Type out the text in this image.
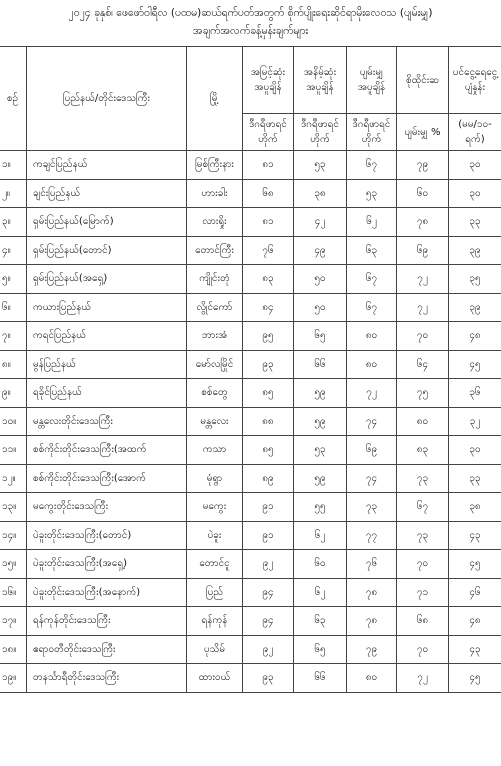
၂၀၂၄ ခုနှစ်၊ ဖေဖော်ဝါရီလ (ပထမ)ဆယ်ရက်ပတ်အတွက် စိုက်ပျိုးရေးဆိုင်ရာမိုးလေဝသ (ပျမ်းမျှ)
အချက်အလက်ခန့်မှန်းချက်များ
စဉ်	ပြည်နယ်/တိုင်းဒေသကြီး	မြို့	အမြင့်ဆုံး အပူချိန်	အနိမ့်ဆုံး အပူချိန်	ပျမ်းမျှ အပူချိန်	စိုထိုင်းဆ	ပင်ငွေ့ရေငွေ့ ပျံနှုန်း
			ဒီဂရီဖာရင် ဟိုက်	ဒီဂရီဖာရင် ဟိုက်	ဒီဂရီဖာရင် ဟိုက်	ပျမ်းမျှ %	(မမ/၁၀-ရက်)
၁။	ကချင်ပြည်နယ်	မြစ်ကြီးနား	၈၁	၅၃	၆၇	၇၉	၃၀
၂။	ချင်းပြည်နယ်	ဟားခါး	၆၈	၃၈	၅၃	၆၀	၃၀
၃။	ရှမ်းပြည်နယ်(မြောက်)	လားရှိုး	၈၁	၄၂	၆၂	၇၈	၃၃
၄။	ရှမ်းပြည်နယ်(တောင်)	တောင်ကြီး	၇၆	၄၉	၆၃	၆၉	၃၉
၅။	ရှမ်းပြည်နယ်(အရှေ့)	ကျိုင်းတုံ	၈၃	၅၀	၆၇	၇၂	၃၅
၆။	ကယားပြည်နယ်	လွိုင်ကော်	၈၄	၅၀	၆၇	၇၂	၃၉
၇။	ကရင်ပြည်နယ်	ဘားအံ	၉၅	၆၅	၈၀	၇၀	၄၈
၈။	မွန်ပြည်နယ်	မော်လမြိုင်	၉၃	၆၆	၈၀	၆၄	၄၅
၉။	ရခိုင်ပြည်နယ်	စစ်တွေ	၈၅	၅၉	၇၂	၇၅	၃၆
၁၀။	မန္တလေးတိုင်းဒေသကြီး	မန္တလေး	၈၈	၅၉	၇၄	၈၀	၃၂
၁၁။	စစ်ကိုင်းတိုင်းဒေသကြီး(အထက်	ကသာ	၈၅	၅၃	၆၉	၈၃	၃၀
၁၂။	စစ်ကိုင်းတိုင်းဒေသကြီး(အောက်	မုံရွာ	၈၉	၅၉	၇၄	၇၃	၃၃
၁၃။	မကွေးတိုင်းဒေသကြီး	မကွေး	၉၁	၅၅	၇၃	၆၇	၃၈
၁၄။	ပဲခူးတိုင်းဒေသကြီး(တောင်)	ပဲခူး	၉၁	၆၂	၇၇	၇၃	၄၃
၁၅။	ပဲခူးတိုင်းဒေသကြီး(အရှေ့)	တောင်ငူ	၉၂	၆၀	၇၆	၇၀	၄၅
၁၆။	ပဲခူးတိုင်းဒေသကြီး(အနောက်)	ပြည်	၉၄	၆၂	၇၈	၇၁	၄၆
၁၇။	ရန်ကုန်တိုင်းဒေသကြီး	ရန်ကုန်	၉၄	၆၃	၇၈	၆၈	၄၈
၁၈။	ဧရာဝတီတိုင်းဒေသကြီး	ပုသိမ်	၉၂	၆၅	၇၉	၇၀	၄၃
၁၉။	တနင်္သာရီတိုင်းဒေသကြီး	ထားဝယ်	၉၃	၆၆	၈၀	၇၂	၄၅
